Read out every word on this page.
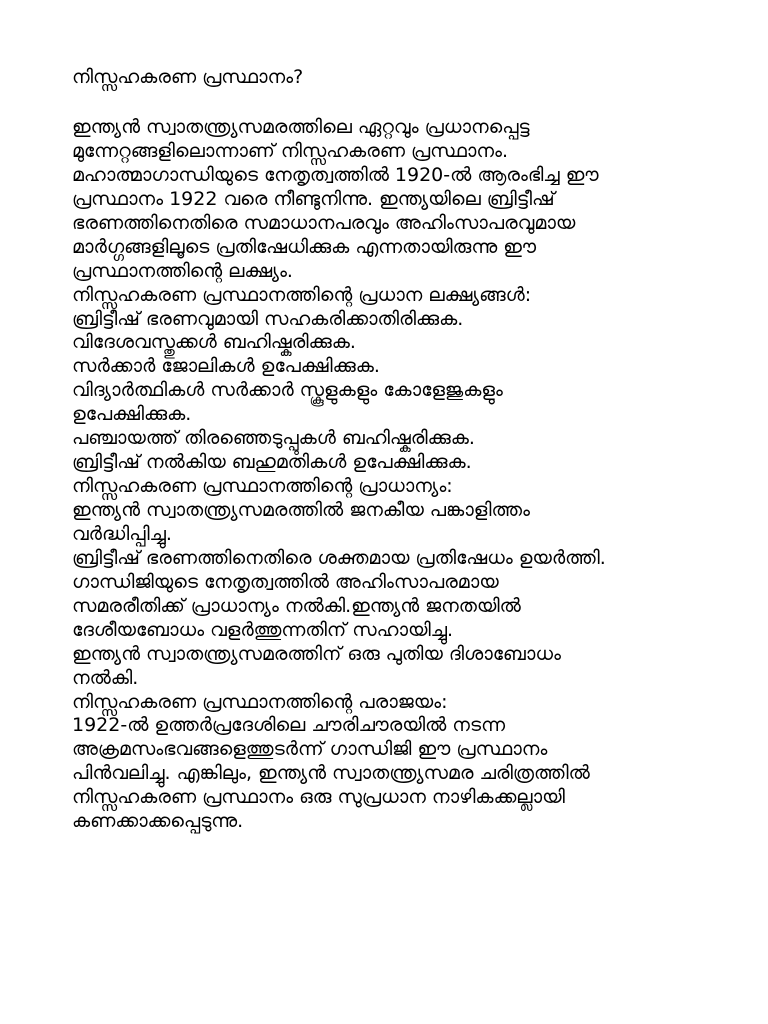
നിസ്സഹകരണ പ്രസ്ഥാനം?
ഇന്ത്യൻ സ്വാതന്ത്ര്യസമരത്തിലെ ഏറ്റവും പ്രധാനപ്പെട്ട
മുന്നേറ്റങ്ങളിലൊന്നാണ് നിസ്സഹകരണ പ്രസ്ഥാനം.
മഹാത്മാഗാന്ധിയുടെ നേതൃത്വത്തിൽ 1920-ൽ ആരംഭിച്ച ഈ
പ്രസ്ഥാനം 1922 വരെ നീണ്ടുനിന്നു. ഇന്ത്യയിലെ ബ്രിട്ടീഷ്
ഭരണത്തിനെതിരെ സമാധാനപരവും അഹിംസാപരവുമായ
മാർഗ്ഗങ്ങളിലൂടെ പ്രതിഷേധിക്കുക എന്നതായിരുന്നു ഈ
പ്രസ്ഥാനത്തിന്റെ ലക്ഷ്യം.
നിസ്സഹകരണ പ്രസ്ഥാനത്തിന്റെ പ്രധാന ലക്ഷ്യങ്ങൾ:
ബ്രിട്ടീഷ് ഭരണവുമായി സഹകരിക്കാതിരിക്കുക.
വിദേശവസ്തുക്കൾ ബഹിഷ്കരിക്കുക.
സർക്കാർ ജോലികൾ ഉപേക്ഷിക്കുക.
വിദ്യാർത്ഥികൾ സർക്കാർ സ്കൂളുകളും കോളേജുകളും
ഉപേക്ഷിക്കുക.
പഞ്ചായത്ത് തിരഞ്ഞെടുപ്പുകൾ ബഹിഷ്കരിക്കുക.
ബ്രിട്ടീഷ് നൽകിയ ബഹുമതികൾ ഉപേക്ഷിക്കുക.
നിസ്സഹകരണ പ്രസ്ഥാനത്തിന്റെ പ്രാധാന്യം:
ഇന്ത്യൻ സ്വാതന്ത്ര്യസമരത്തിൽ ജനകീയ പങ്കാളിത്തം
വർദ്ധിപ്പിച്ചു.
ബ്രിട്ടീഷ് ഭരണത്തിനെതിരെ ശക്തമായ പ്രതിഷേധം ഉയർത്തി.
ഗാന്ധിജിയുടെ നേതൃത്വത്തിൽ അഹിംസാപരമായ
സമരരീതിക്ക് പ്രാധാന്യം നൽകി.ഇന്ത്യൻ ജനതയിൽ
ദേശീയബോധം വളർത്തുന്നതിന് സഹായിച്ചു.
ഇന്ത്യൻ സ്വാതന്ത്ര്യസമരത്തിന് ഒരു പുതിയ ദിശാബോധം
നൽകി.
നിസ്സഹകരണ പ്രസ്ഥാനത്തിന്റെ പരാജയം:
1922-ൽ ഉത്തർപ്രദേശിലെ ചൗരിചൗരയിൽ നടന്ന
അക്രമസംഭവങ്ങളെത്തുടർന്ന് ഗാന്ധിജി ഈ പ്രസ്ഥാനം
പിൻവലിച്ചു. എങ്കിലും, ഇന്ത്യൻ സ്വാതന്ത്ര്യസമര ചരിത്രത്തിൽ
നിസ്സഹകരണ പ്രസ്ഥാനം ഒരു സുപ്രധാന നാഴികക്കല്ലായി
കണക്കാക്കപ്പെടുന്നു.
